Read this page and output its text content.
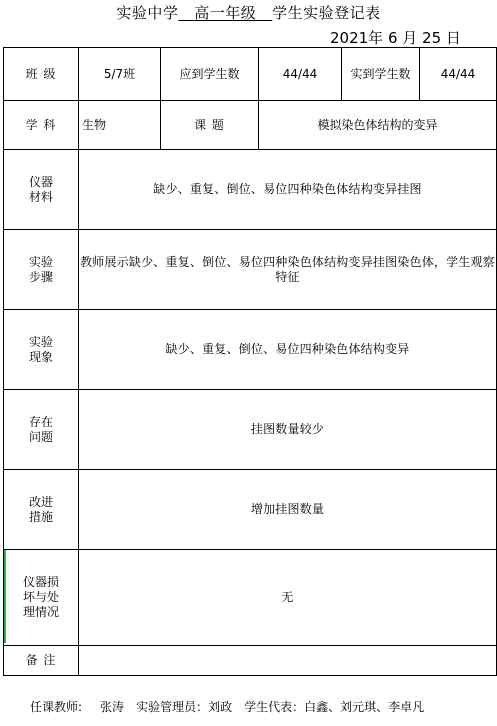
实验中学 高一年级 学生实验登记表
2021年 6 月 25 日
班 级	5/7班	应到学生数	44/44	实到学生数	44/44
学 科	生物	课 题	模拟染色体结构的变异		
仪器
材料	缺少、重复、倒位、易位四种染色体结构变异挂图				
实验
步骤	教师展示缺少、重复、倒位、易位四种染色体结构变异挂图染色体，学生观察特征				
实验
现象	缺少、重复、倒位、易位四种染色体结构变异				
存在
问题	挂图数量较少				
改进
措施	增加挂图数量				
仪器损
坏与处
理情况	无				
备 注					
任课教师: 张涛 实验管理员：刘政 学生代表：白鑫、刘元琪、李卓凡
